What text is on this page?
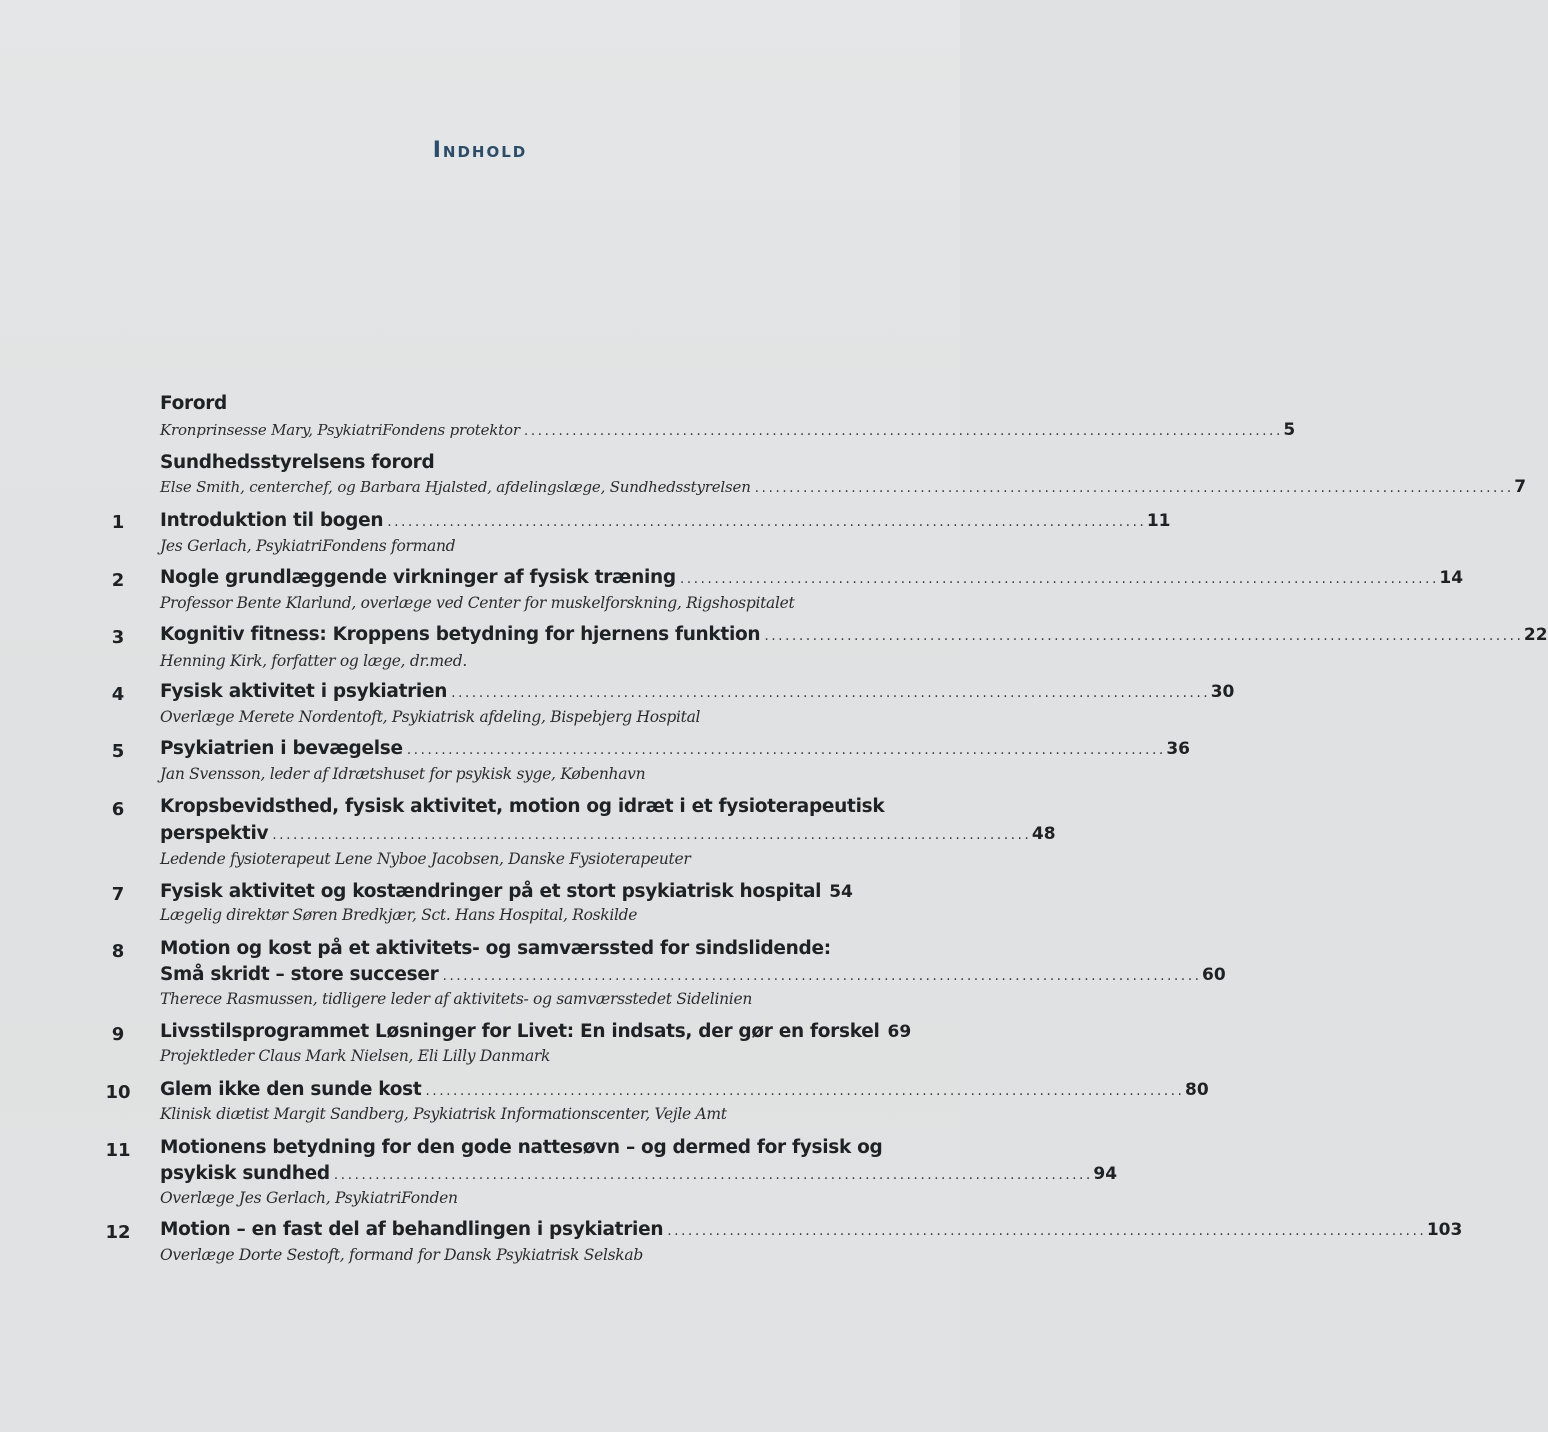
Indhold
Forord
Kronprinsesse Mary, PsykiatriFondens protektor . . .	5
Sundhedsstyrelsens forord
Else Smith, centerchef, og Barbara Hjalsted, afdelingslæge, Sundhedsstyrelsen . . .	7
1	Introduktion til bogen . . .	11
Jes Gerlach, PsykiatriFondens formand
2	Nogle grundlæggende virkninger af fysisk træning . . .	14
Professor Bente Klarlund, overlæge ved Center for muskelforskning, Rigshospitalet
3	Kognitiv fitness: Kroppens betydning for hjernens funktion . . .	22
Henning Kirk, forfatter og læge, dr.med.
4	Fysisk aktivitet i psykiatrien . . .	30
Overlæge Merete Nordentoft, Psykiatrisk afdeling, Bispebjerg Hospital
5	Psykiatrien i bevægelse . . .	36
Jan Svensson, leder af Idrætshuset for psykisk syge, København
6	Kropsbevidsthed, fysisk aktivitet, motion og idræt i et fysioterapeutisk
perspektiv . . .	48
Ledende fysioterapeut Lene Nyboe Jacobsen, Danske Fysioterapeuter
7	Fysisk aktivitet og kostændringer på et stort psykiatrisk hospital 54
Lægelig direktør Søren Bredkjær, Sct. Hans Hospital, Roskilde
8	Motion og kost på et aktivitets- og samværssted for sindslidende:
Små skridt – store succeser . . .	60
Therece Rasmussen, tidligere leder af aktivitets- og samværsstedet Sidelinien
9	Livsstilsprogrammet Løsninger for Livet: En indsats, der gør en forskel 69
Projektleder Claus Mark Nielsen, Eli Lilly Danmark
10	Glem ikke den sunde kost . . .	80
Klinisk diætist Margit Sandberg, Psykiatrisk Informationscenter, Vejle Amt
11	Motionens betydning for den gode nattesøvn – og dermed for fysisk og
psykisk sundhed . . .	94
Overlæge Jes Gerlach, PsykiatriFonden
12	Motion – en fast del af behandlingen i psykiatrien . . .	103
Overlæge Dorte Sestoft, formand for Dansk Psykiatrisk Selskab
